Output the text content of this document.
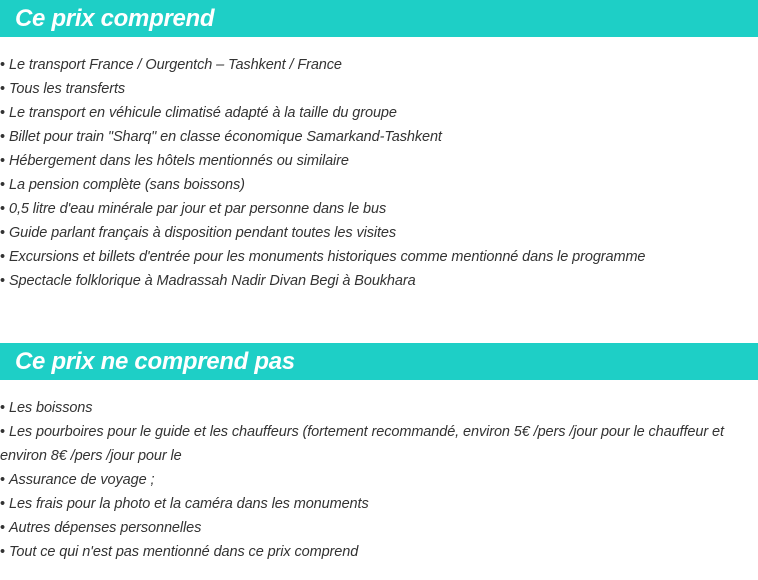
Ce prix comprend
• Le transport France / Ourgentch – Tashkent / France
• Tous les transferts
• Le transport en véhicule climatisé adapté à la taille du groupe
• Billet pour train "Sharq" en classe économique Samarkand-Tashkent
• Hébergement dans les hôtels mentionnés ou similaire
• La pension complète (sans boissons)
• 0,5 litre d'eau minérale par jour et par personne dans le bus
• Guide parlant français à disposition pendant toutes les visites
• Excursions et billets d'entrée pour les monuments historiques comme mentionné dans le programme
• Spectacle folklorique à Madrassah Nadir Divan Begi à Boukhara
Ce prix ne comprend pas
• Les boissons
• Les pourboires pour le guide et les chauffeurs (fortement recommandé, environ 5€ /pers /jour pour le chauffeur et environ 8€ /pers /jour pour le
• Assurance de voyage ;
• Les frais pour la photo et la caméra dans les monuments
• Autres dépenses personnelles
• Tout ce qui n'est pas mentionné dans ce prix comprend
